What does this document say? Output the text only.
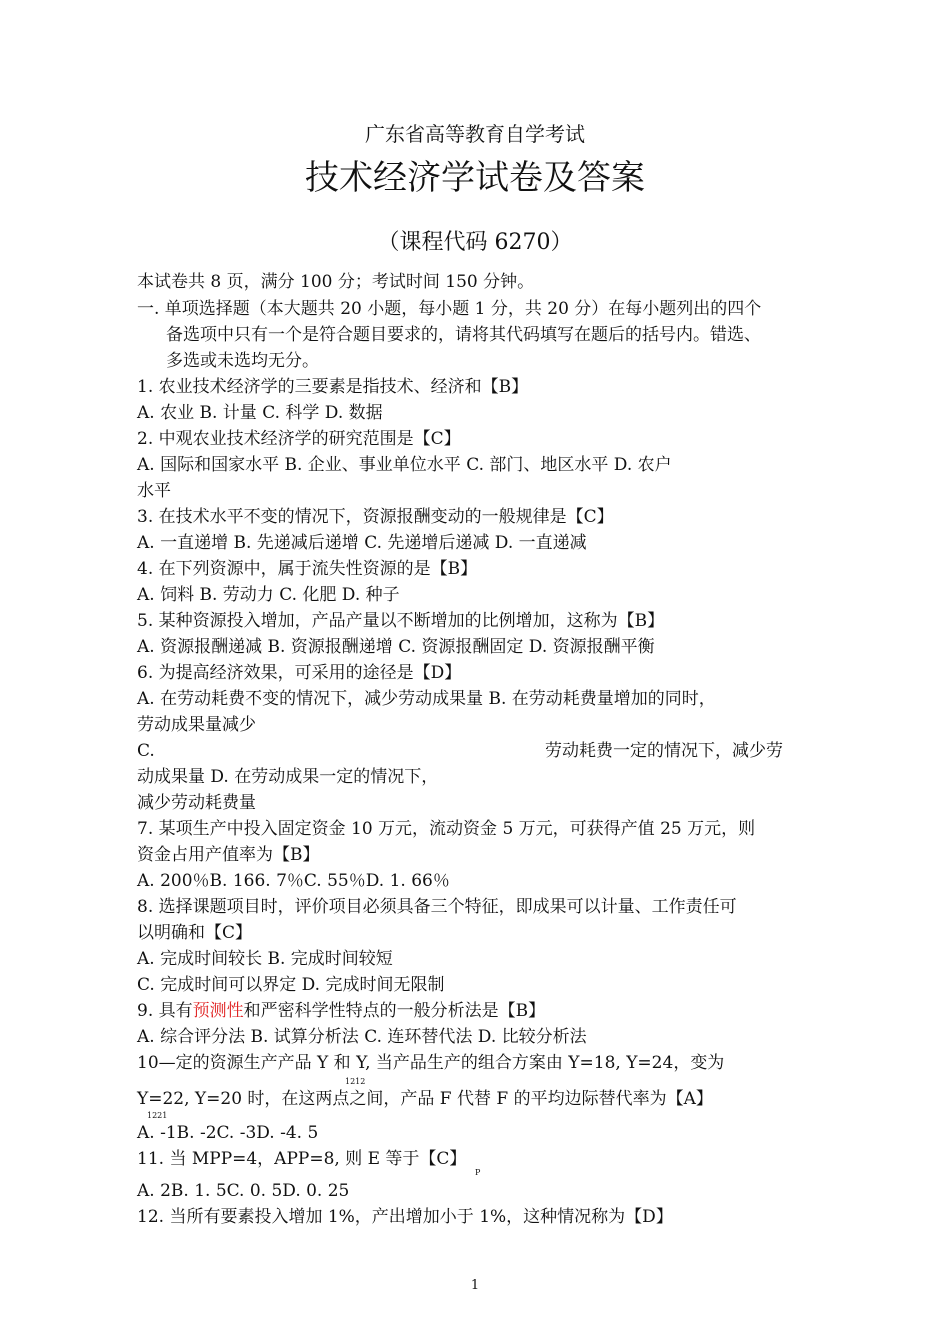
广东省高等教育自学考试
技术经济学试卷及答案
（课程代码 6270）
本试卷共 8 页，满分 100 分；考试时间 150 分钟。
一. 单项选择题（本大题共 20 小题，每小题 1 分，共 20 分）在每小题列出的四个
备选项中只有一个是符合题目要求的，请将其代码填写在题后的括号内。错选、
多选或未选均无分。
1. 农业技术经济学的三要素是指技术、经济和【B】
A. 农业 B. 计量 C. 科学 D. 数据
2. 中观农业技术经济学的研究范围是【C】
A. 国际和国家水平 B. 企业、事业单位水平 C. 部门、地区水平 D. 农户
水平
3. 在技术水平不变的情况下，资源报酬变动的一般规律是【C】
A. 一直递增 B. 先递减后递增 C. 先递增后递减 D. 一直递减
4. 在下列资源中，属于流失性资源的是【B】
A. 饲料 B. 劳动力 C. 化肥 D. 种子
5. 某种资源投入增加，产品产量以不断增加的比例增加，这称为【B】
A. 资源报酬递减 B. 资源报酬递增 C. 资源报酬固定 D. 资源报酬平衡
6. 为提高经济效果，可采用的途径是【D】
A. 在劳动耗费不变的情况下，减少劳动成果量 B. 在劳动耗费量增加的同时，
劳动成果量减少
C.	劳动耗费一定的情况下，减少劳
动成果量 D. 在劳动成果一定的情况下，
减少劳动耗费量
7. 某项生产中投入固定资金 10 万元，流动资金 5 万元，可获得产值 25 万元，则
资金占用产值率为【B】
A. 200％B. 166. 7％C. 55％D. 1. 66％
8. 选择课题项目时，评价项目必须具备三个特征，即成果可以计量、工作责任可
以明确和【C】
A. 完成时间较长 B. 完成时间较短
C. 完成时间可以界定 D. 完成时间无限制
9. 具有预测性和严密科学性特点的一般分析法是【B】
A. 综合评分法 B. 试算分析法 C. 连环替代法 D. 比较分析法
10—定的资源生产产品 Y 和 Y, 当产品生产的组合方案由 Y=18, Y=24，变为
1212
Y=22, Y=20 时，在这两点之间，产品 F 代替 F 的平均边际替代率为【A】
1221
A. -1B. -2C. -3D. -4. 5
11. 当 MPP=4，APP=8, 则 E 等于【C】
P
A. 2B. 1. 5C. 0. 5D. 0. 25
12. 当所有要素投入增加 1%，产出增加小于 1%，这种情况称为【D】
1
